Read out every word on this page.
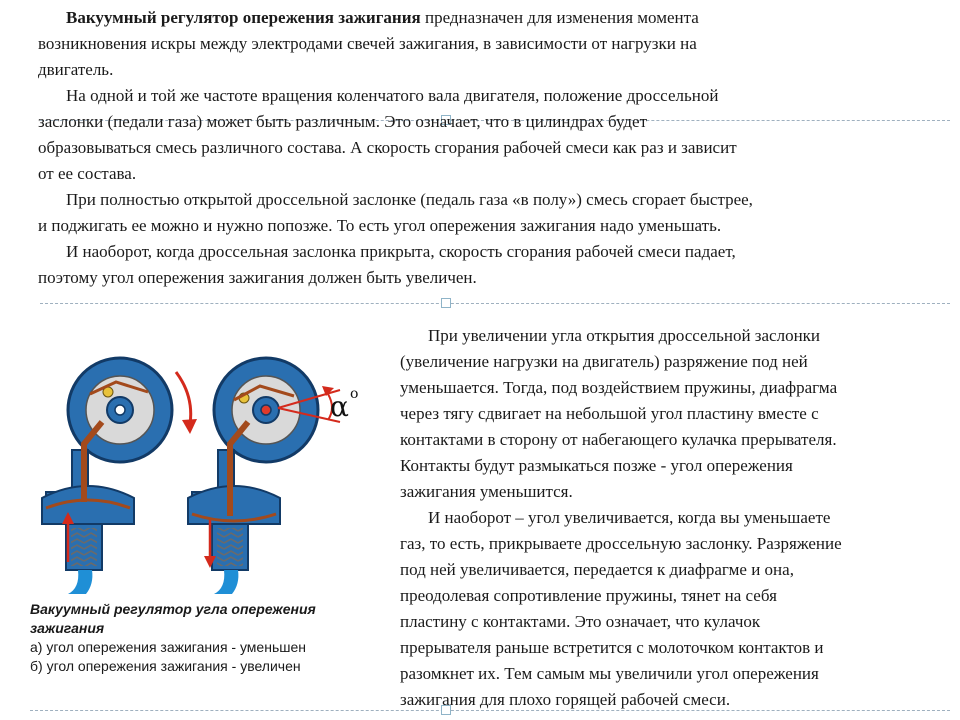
Вакуумный регулятор опережения зажигания предназначен для изменения момента
возникновения искры между электродами свечей зажигания, в зависимости от нагрузки на
двигатель.
На одной и той же частоте вращения коленчатого вала двигателя, положение дроссельной
заслонки (педали газа) может быть различным. Это означает, что в цилиндрах будет
образовываться смесь различного состава. А скорость сгорания рабочей смеси как раз и зависит
от ее состава.
При полностью открытой дроссельной заслонке (педаль газа «в полу») смесь сгорает быстрее,
и поджигать ее можно и нужно попозже. То есть угол опережения зажигания надо уменьшать.
И наоборот, когда дроссельная заслонка прикрыта, скорость сгорания рабочей смеси падает,
поэтому угол опережения зажигания должен быть увеличен.
При увеличении угла открытия дроссельной заслонки
(увеличение нагрузки на двигатель) разряжение под ней
уменьшается. Тогда, под воздействием пружины, диафрагма
через тягу сдвигает на небольшой угол пластину вместе с
контактами в сторону от набегающего кулачка прерывателя.
Контакты будут размыкаться позже - угол опережения
зажигания уменьшится.
И наоборот – угол увеличивается, когда вы уменьшаете
газ, то есть, прикрываете дроссельную заслонку. Разряжение
под ней увеличивается, передается к диафрагме и она,
преодолевая сопротивление пружины, тянет на себя
пластину с контактами. Это означает, что кулачок
прерывателя раньше встретится с молоточком контактов и
разомкнет их. Тем самым мы увеличили угол опережения
зажигания для плохо горящей рабочей смеси.
α o
Вакуумный регулятор угла опережения
зажигания
а) угол опережения зажигания - уменьшен
б) угол опережения зажигания - увеличен
